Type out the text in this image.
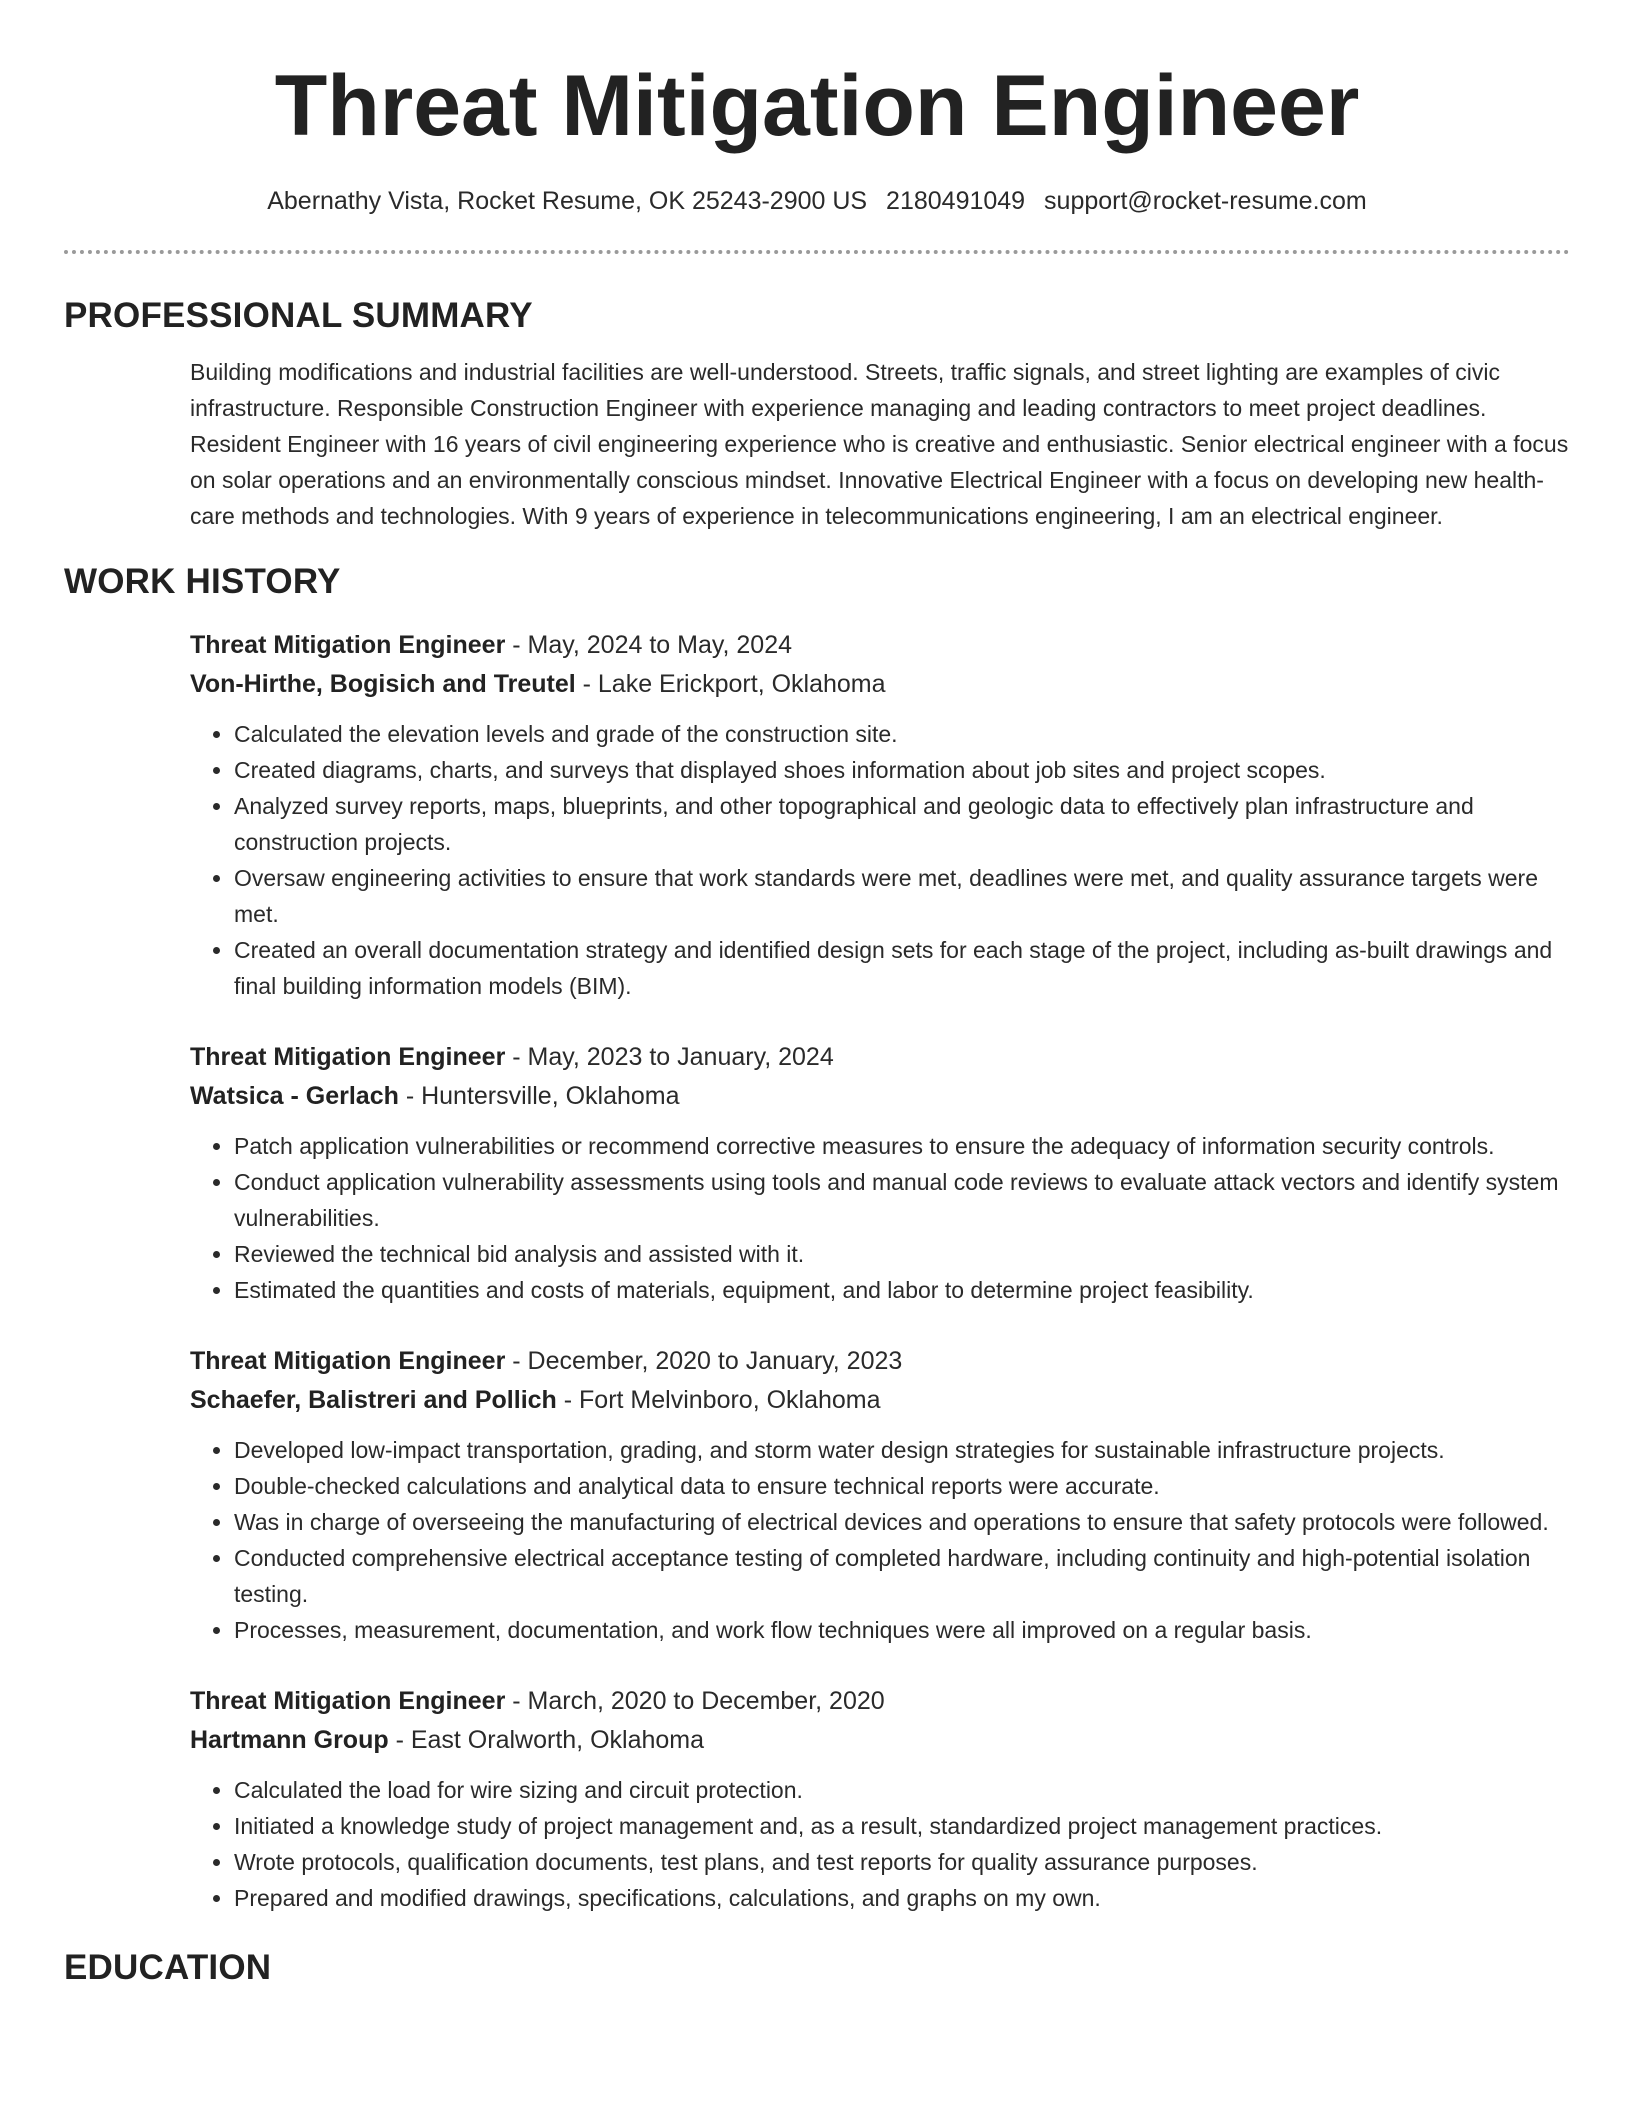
Threat Mitigation Engineer
Abernathy Vista, Rocket Resume, OK 25243-2900 US 2180491049 support@rocket-resume.com
PROFESSIONAL SUMMARY

Building modifications and industrial facilities are well-understood. Streets, traffic signals, and street lighting are examples of civic infrastructure. Responsible Construction Engineer with experience managing and leading contractors to meet project deadlines. Resident Engineer with 16 years of civil engineering experience who is creative and enthusiastic. Senior electrical engineer with a focus on solar operations and an environmentally conscious mindset. Innovative Electrical Engineer with a focus on developing new health-care methods and technologies. With 9 years of experience in telecommunications engineering, I am an electrical engineer.

WORK HISTORY
Threat Mitigation Engineer - May, 2024 to May, 2024
Von-Hirthe, Bogisich and Treutel - Lake Erickport, Oklahoma
• Calculated the elevation levels and grade of the construction site.
• Created diagrams, charts, and surveys that displayed shoes information about job sites and project scopes.
• Analyzed survey reports, maps, blueprints, and other topographical and geologic data to effectively plan infrastructure and construction projects.
• Oversaw engineering activities to ensure that work standards were met, deadlines were met, and quality assurance targets were met.
• Created an overall documentation strategy and identified design sets for each stage of the project, including as-built drawings and final building information models (BIM).
Threat Mitigation Engineer - May, 2023 to January, 2024
Watsica - Gerlach - Huntersville, Oklahoma
• Patch application vulnerabilities or recommend corrective measures to ensure the adequacy of information security controls.
• Conduct application vulnerability assessments using tools and manual code reviews to evaluate attack vectors and identify system vulnerabilities.
• Reviewed the technical bid analysis and assisted with it.
• Estimated the quantities and costs of materials, equipment, and labor to determine project feasibility.
Threat Mitigation Engineer - December, 2020 to January, 2023
Schaefer, Balistreri and Pollich - Fort Melvinboro, Oklahoma
• Developed low-impact transportation, grading, and storm water design strategies for sustainable infrastructure projects.
• Double-checked calculations and analytical data to ensure technical reports were accurate.
• Was in charge of overseeing the manufacturing of electrical devices and operations to ensure that safety protocols were followed.
• Conducted comprehensive electrical acceptance testing of completed hardware, including continuity and high-potential isolation testing.
• Processes, measurement, documentation, and work flow techniques were all improved on a regular basis.
Threat Mitigation Engineer - March, 2020 to December, 2020
Hartmann Group - East Oralworth, Oklahoma
• Calculated the load for wire sizing and circuit protection.
• Initiated a knowledge study of project management and, as a result, standardized project management practices.
• Wrote protocols, qualification documents, test plans, and test reports for quality assurance purposes.
• Prepared and modified drawings, specifications, calculations, and graphs on my own.
EDUCATION
